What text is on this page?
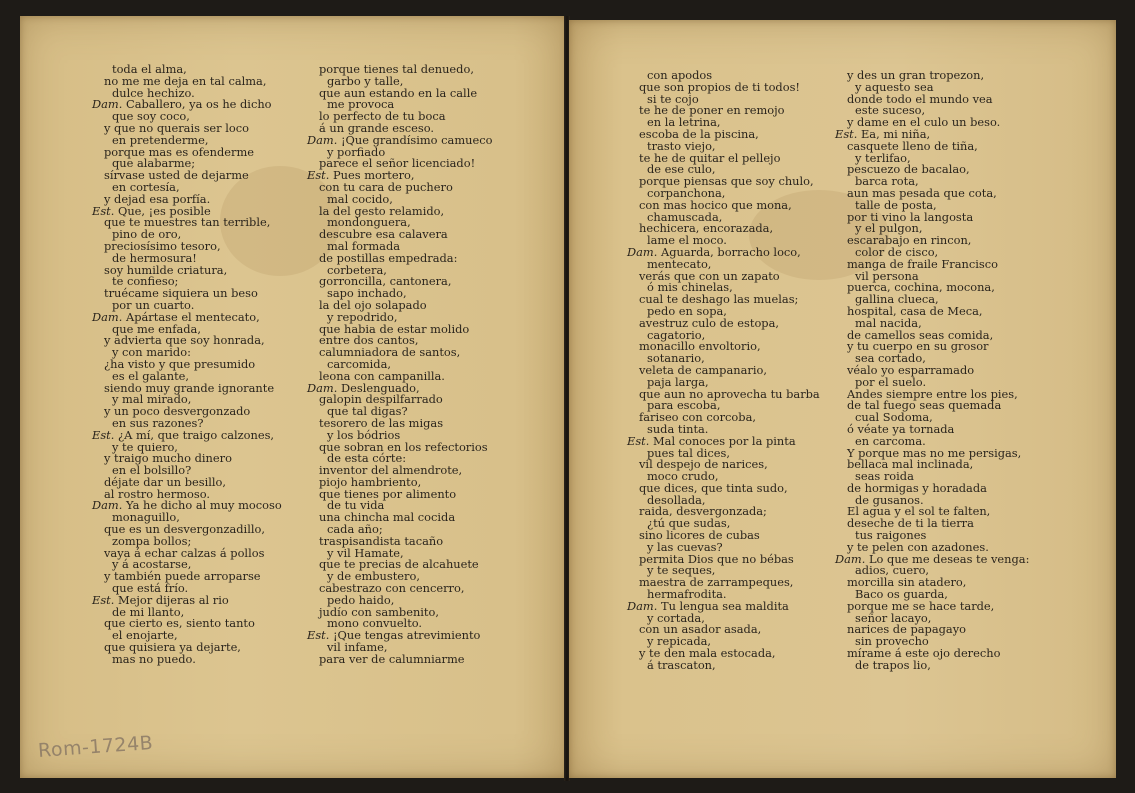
toda el alma,
no me me deja en tal calma,
dulce hechizo.
Dam. Caballero, ya os he dicho
que soy coco,
y que no querais ser loco
en pretenderme,
porque mas es ofenderme
que alabarme;
sírvase usted de dejarme
en cortesía,
y dejad esa porfía.
Est. Que, ¡es posible
que te muestres tan terrible,
pino de oro,
preciosísimo tesoro,
de hermosura!
soy humilde criatura,
te confieso;
truécame siquiera un beso
por un cuarto.
Dam. Apártase el mentecato,
que me enfada,
y advierta que soy honrada,
y con marido:
¿ha visto y que presumido
es el galante,
siendo muy grande ignorante
y mal mirado,
y un poco desvergonzado
en sus razones?
Est. ¿A mí, que traigo calzones,
y te quiero,
y traigo mucho dinero
en el bolsillo?
déjate dar un besillo,
al rostro hermoso.
Dam. Ya he dicho al muy mocoso
monaguillo,
que es un desvergonzadillo,
zompa bollos;
vaya á echar calzas á pollos
y á acostarse,
y también puede arroparse
que está frío.
Est. Mejor dijeras al rio
de mi llanto,
que cierto es, siento tanto
el enojarte,
que quisiera ya dejarte,
mas no puedo.
porque tienes tal denuedo,
garbo y talle,
que aun estando en la calle
me provoca
lo perfecto de tu boca
á un grande esceso.
Dam. ¡Que grandísimo camueco
y porfiado
parece el señor licenciado!
Est. Pues mortero,
con tu cara de puchero
mal cocido,
la del gesto relamido,
mondonguera,
descubre esa calavera
mal formada
de postillas empedrada:
corbetera,
gorroncilla, cantonera,
sapo inchado,
la del ojo solapado
y repodrido,
que habia de estar molido
entre dos cantos,
calumniadora de santos,
carcomida,
leona con campanilla.
Dam. Deslenguado,
galopin despilfarrado
que tal digas?
tesorero de las migas
y los bódrios
que sobran en los refectorios
de esta córte:
inventor del almendrote,
piojo hambriento,
que tienes por alimento
de tu vida
una chincha mal cocida
cada año;
traspisandista tacaño
y vil Hamate,
que te precias de alcahuete
y de embustero,
cabestrazo con cencerro,
pedo haido,
judío con sambenito,
mono convuelto.
Est. ¡Que tengas atrevimiento
vil infame,
para ver de calumniarme
Rom-1724B
con apodos
que son propios de ti todos!
si te cojo
te he de poner en remojo
en la letrina,
escoba de la piscina,
trasto viejo,
te he de quitar el pellejo
de ese culo,
porque piensas que soy chulo,
corpanchona,
con mas hocico que mona,
chamuscada,
hechicera, encorazada,
lame el moco.
Dam. Aguarda, borracho loco,
mentecato,
verás que con un zapato
ó mis chinelas,
cual te deshago las muelas;
pedo en sopa,
avestruz culo de estopa,
cagatorio,
monacillo envoltorio,
sotanario,
veleta de campanario,
paja larga,
que aun no aprovecha tu barba
para escoba,
fariseo con corcoba,
suda tinta.
Est. Mal conoces por la pinta
pues tal dices,
vil despejo de narices,
moco crudo,
que dices, que tinta sudo,
desollada,
raida, desvergonzada;
¿tú que sudas,
sino licores de cubas
y las cuevas?
permita Dios que no bébas
y te seques,
maestra de zarrampeques,
hermafrodita.
Dam. Tu lengua sea maldita
y cortada,
con un asador asada,
y repicada,
y te den mala estocada,
á trascaton,
y des un gran tropezon,
y aquesto sea
donde todo el mundo vea
este suceso,
y dame en el culo un beso.
Est. Ea, mi niña,
casquete lleno de tiña,
y terlifao,
pescuezo de bacalao,
barca rota,
aun mas pesada que cota,
talle de posta,
por ti vino la langosta
y el pulgon,
escarabajo en rincon,
color de cisco,
manga de fraile Francisco
vil persona
puerca, cochina, mocona,
gallina clueca,
hospital, casa de Meca,
mal nacida,
de camellos seas comida,
y tu cuerpo en su grosor
sea cortado,
véalo yo esparramado
por el suelo.
Andes siempre entre los pies,
de tal fuego seas quemada
cual Sodoma,
ó véate ya tornada
en carcoma.
Y porque mas no me persigas,
bellaca mal inclinada,
seas roida
de hormigas y horadada
de gusanos.
El agua y el sol te falten,
deseche de ti la tierra
tus raigones
y te pelen con azadones.
Dam. Lo que me deseas te venga:
adios, cuero,
morcilla sin atadero,
Baco os guarda,
porque me se hace tarde,
señor lacayo,
narices de papagayo
sin provecho
mírame á este ojo derecho
de trapos lio,
